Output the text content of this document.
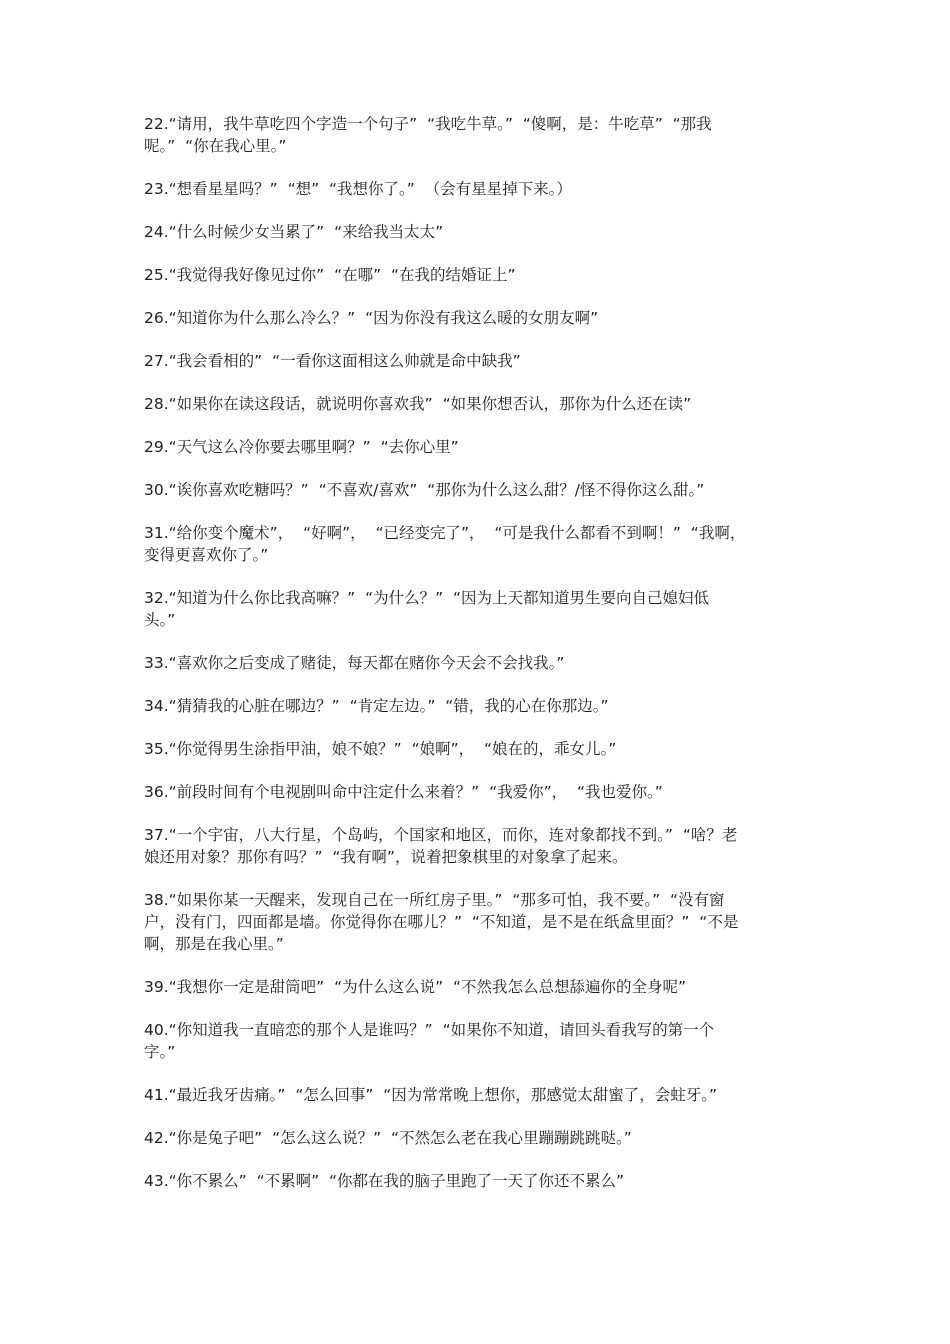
22.“请用，我牛草吃四个字造一个句子”  “我吃牛草。”  “傻啊，是：牛吃草”  “那我
呢。”  “你在我心里。”

23.“想看星星吗？”  “想”  “我想你了。”  （会有星星掉下来。）

24.“什么时候少女当累了”  “来给我当太太”

25.“我觉得我好像见过你”  “在哪”  “在我的结婚证上”

26.“知道你为什么那么冷么？”  “因为你没有我这么暖的女朋友啊”

27.“我会看相的”  “一看你这面相这么帅就是命中缺我”

28.“如果你在读这段话，就说明你喜欢我”  “如果你想否认，那你为什么还在读”

29.“天气这么冷你要去哪里啊？”  “去你心里”

30.“诶你喜欢吃糖吗？”  “不喜欢/喜欢”  “那你为什么这么甜？/怪不得你这么甜。”

31.“给你变个魔术”，  “好啊”，  “已经变完了”，  “可是我什么都看不到啊！”  “我啊，
变得更喜欢你了。”

32.“知道为什么你比我高嘛？”  “为什么？”  “因为上天都知道男生要向自己媳妇低
头。”

33.“喜欢你之后变成了赌徒，每天都在赌你今天会不会找我。”

34.“猜猜我的心脏在哪边？”  “肯定左边。”  “错，我的心在你那边。”

35.“你觉得男生涂指甲油，娘不娘？”  “娘啊”，  “娘在的，乖女儿。”

36.“前段时间有个电视剧叫命中注定什么来着？”  “我爱你”，  “我也爱你。”

37.“一个宇宙，八大行星，个岛屿，个国家和地区，而你，连对象都找不到。”  “啥？老
娘还用对象？那你有吗？”  “我有啊”，说着把象棋里的对象拿了起来。

38.“如果你某一天醒来，发现自己在一所红房子里。”  “那多可怕，我不要。”  “没有窗
户，没有门，四面都是墙。你觉得你在哪儿？”  “不知道，是不是在纸盒里面？”  “不是
啊，那是在我心里。”

39.“我想你一定是甜筒吧”  “为什么这么说”  “不然我怎么总想舔遍你的全身呢”

40.“你知道我一直暗恋的那个人是谁吗？”  “如果你不知道，请回头看我写的第一个
字。”

41.“最近我牙齿痛。”  “怎么回事”  “因为常常晚上想你，那感觉太甜蜜了，会蛀牙。”

42.“你是兔子吧”  “怎么这么说？”  “不然怎么老在我心里蹦蹦跳跳哒。”

43.“你不累么”  “不累啊”  “你都在我的脑子里跑了一天了你还不累么”
